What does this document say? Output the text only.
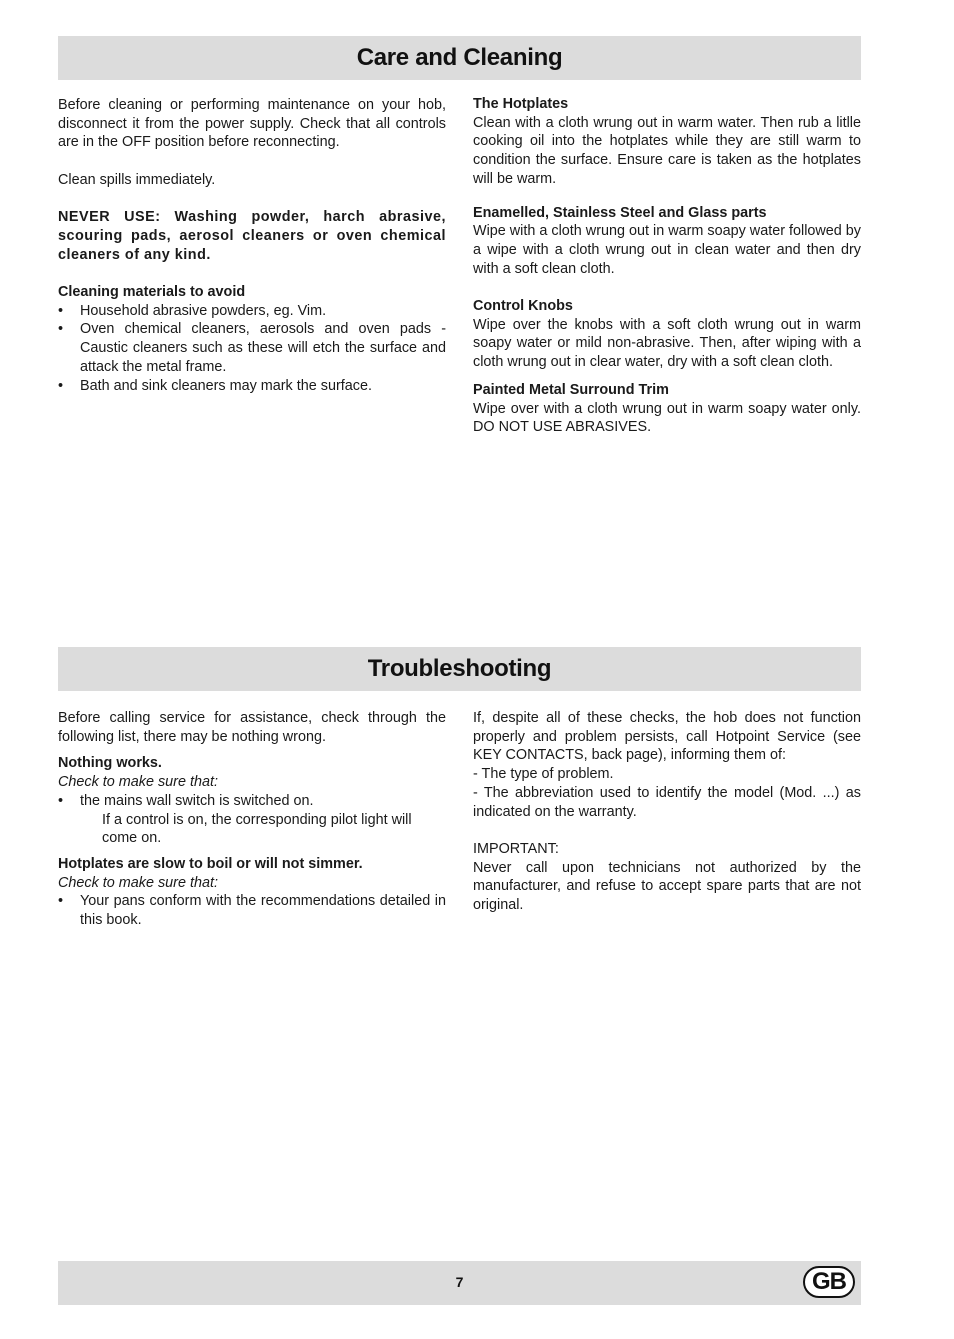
Care and Cleaning

Before cleaning or performing maintenance on your hob, disconnect it from the power supply. Check that all controls are in the OFF position before reconnecting.

Clean spills immediately.

NEVER USE: Washing powder, harch abrasive, scouring pads, aerosol cleaners or oven chemical cleaners of any kind.

Cleaning materials to avoid

• Household abrasive powders, eg. Vim.
• Oven chemical cleaners, aerosols and oven pads - Caustic cleaners such as these will etch the surface and attack the metal frame.
• Bath and sink cleaners may mark the surface.

The Hotplates

Clean with a cloth wrung out in warm water. Then rub a litlle cooking oil into the hotplates while they are still warm to condition the surface. Ensure care is taken as the hotplates will be warm.

Enamelled, Stainless Steel and Glass parts

Wipe with a cloth wrung out in warm soapy water followed by a wipe with a cloth wrung out in clean water and then dry with a soft clean cloth.

Control Knobs

Wipe over the knobs with a soft cloth wrung out in warm soapy water or mild non-abrasive. Then, after wiping with a cloth wrung out in clear water, dry with a soft clean cloth.

Painted Metal Surround Trim

Wipe over with a cloth wrung out in warm soapy water only. DO NOT USE ABRASIVES.

Troubleshooting

Before calling service for assistance, check through the following list, there may be nothing wrong.

Nothing works.

Check to make sure that:

• the mains wall switch is switched on.

If a control is on, the corresponding pilot light will come on.

Hotplates are slow to boil or will not simmer.

Check to make sure that:

• Your pans conform with the recommendations detailed in this book.

If, despite all of these checks, the hob does not function properly and problem persists, call Hotpoint Service (see KEY CONTACTS, back page), informing them of:

- The type of problem.

- The abbreviation used to identify the model (Mod. ...) as indicated on the warranty.

IMPORTANT:

Never call upon technicians not authorized by the manufacturer, and refuse to accept spare parts that are not original.

7	GB
